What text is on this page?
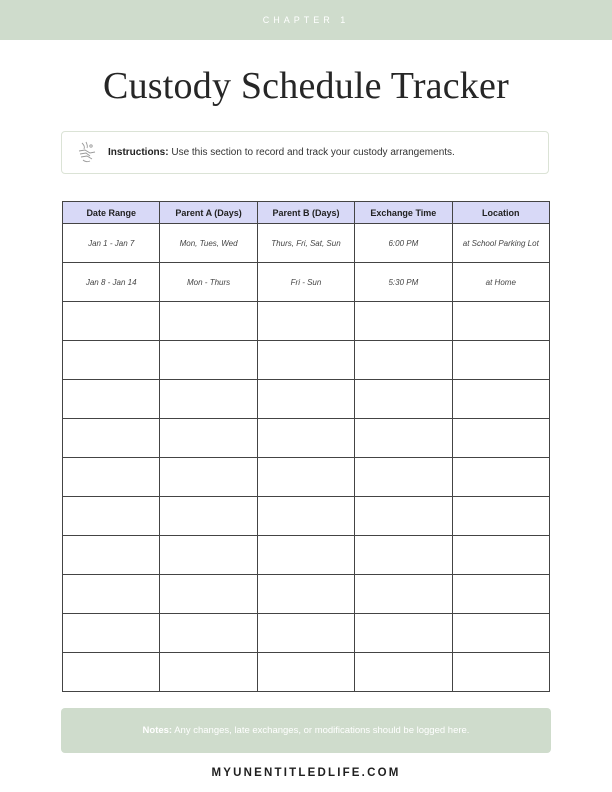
CHAPTER 1
Custody Schedule Tracker
Instructions: Use this section to record and track your custody arrangements.
Date Range	Parent A (Days)	Parent B (Days)	Exchange Time	Location
Jan 1 - Jan 7	Mon, Tues, Wed	Thurs, Fri, Sat, Sun	6:00 PM	at School Parking Lot
Jan 8 - Jan 14	Mon - Thurs	Fri - Sun	5:30 PM	at Home

Notes: Any changes, late exchanges, or modifications should be logged here.
MYUNENTITLEDLIFE.COM
